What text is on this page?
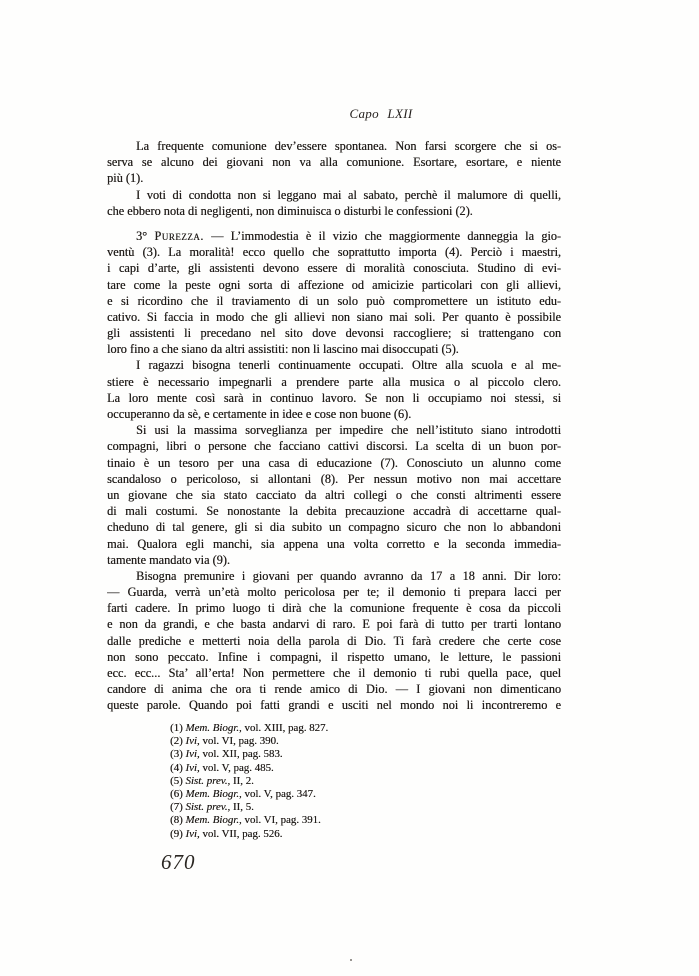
Capo LXII
La frequente comunione dev’essere spontanea. Non farsi scorgere che si os-
serva se alcuno dei giovani non va alla comunione. Esortare, esortare, e niente
più (1).
I voti di condotta non si leggano mai al sabato, perchè il malumore di quelli,
che ebbero nota di negligenti, non diminuisca o disturbi le confessioni (2).
3° Purezza. — L’immodestia è il vizio che maggiormente danneggia la gio-
ventù (3). La moralità! ecco quello che soprattutto importa (4). Perciò i maestri,
i capi d’arte, gli assistenti devono essere di moralità conosciuta. Studino di evi-
tare come la peste ogni sorta di affezione od amicizie particolari con gli allievi,
e si ricordino che il traviamento di un solo può compromettere un istituto edu-
cativo. Si faccia in modo che gli allievi non siano mai soli. Per quanto è possibile
gli assistenti li precedano nel sito dove devonsi raccogliere; si trattengano con
loro fino a che siano da altri assistiti: non li lascino mai disoccupati (5).
I ragazzi bisogna tenerli continuamente occupati. Oltre alla scuola e al me-
stiere è necessario impegnarli a prendere parte alla musica o al piccolo clero.
La loro mente così sarà in continuo lavoro. Se non li occupiamo noi stessi, si
occuperanno da sè, e certamente in idee e cose non buone (6).
Si usi la massima sorveglianza per impedire che nell’istituto siano introdotti
compagni, libri o persone che facciano cattivi discorsi. La scelta di un buon por-
tinaio è un tesoro per una casa di educazione (7). Conosciuto un alunno come
scandaloso o pericoloso, si allontani (8). Per nessun motivo non mai accettare
un giovane che sia stato cacciato da altri collegi o che consti altrimenti essere
di mali costumi. Se nonostante la debita precauzione accadrà di accettarne qual-
cheduno di tal genere, gli si dia subito un compagno sicuro che non lo abbandoni
mai. Qualora egli manchi, sia appena una volta corretto e la seconda immedia-
tamente mandato via (9).
Bisogna premunire i giovani per quando avranno da 17 a 18 anni. Dir loro:
— Guarda, verrà un’età molto pericolosa per te; il demonio ti prepara lacci per
farti cadere. In primo luogo ti dirà che la comunione frequente è cosa da piccoli
e non da grandi, e che basta andarvi di raro. E poi farà di tutto per trarti lontano
dalle prediche e metterti noia della parola di Dio. Ti farà credere che certe cose
non sono peccato. Infine i compagni, il rispetto umano, le letture, le passioni
ecc. ecc... Sta’ all’erta! Non permettere che il demonio ti rubi quella pace, quel
candore di anima che ora ti rende amico di Dio. — I giovani non dimenticano
queste parole. Quando poi fatti grandi e usciti nel mondo noi li incontreremo e
(1) Mem. Biogr., vol. XIII, pag. 827.
(2) Ivi, vol. VI, pag. 390.
(3) Ivi, vol. XII, pag. 583.
(4) Ivi, vol. V, pag. 485.
(5) Sist. prev., II, 2.
(6) Mem. Biogr., vol. V, pag. 347.
(7) Sist. prev., II, 5.
(8) Mem. Biogr., vol. VI, pag. 391.
(9) Ivi, vol. VII, pag. 526.
670
